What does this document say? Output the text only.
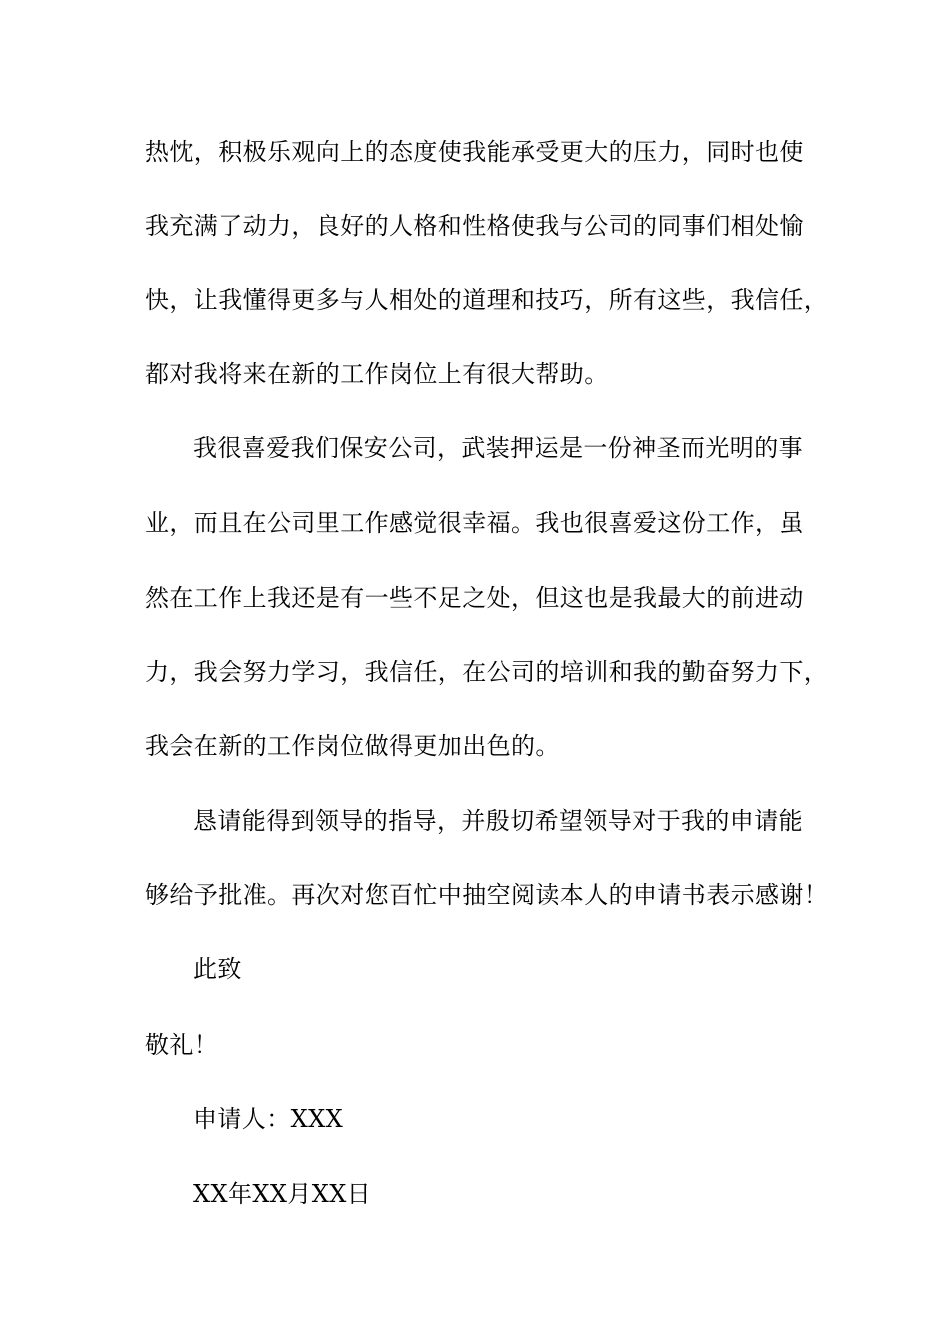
热忱，积极乐观向上的态度使我能承受更大的压力，同时也使
我充满了动力，良好的人格和性格使我与公司的同事们相处愉
快，让我懂得更多与人相处的道理和技巧，所有这些，我信任，
都对我将来在新的工作岗位上有很大帮助。
我很喜爱我们保安公司，武装押运是一份神圣而光明的事
业，而且在公司里工作感觉很幸福。我也很喜爱这份工作，虽
然在工作上我还是有一些不足之处，但这也是我最大的前进动
力，我会努力学习，我信任，在公司的培训和我的勤奋努力下，
我会在新的工作岗位做得更加出色的。
恳请能得到领导的指导，并殷切希望领导对于我的申请能
够给予批准。再次对您百忙中抽空阅读本人的申请书表示感谢！
此致
敬礼！
申请人：XXX
XX年XX月XX日
